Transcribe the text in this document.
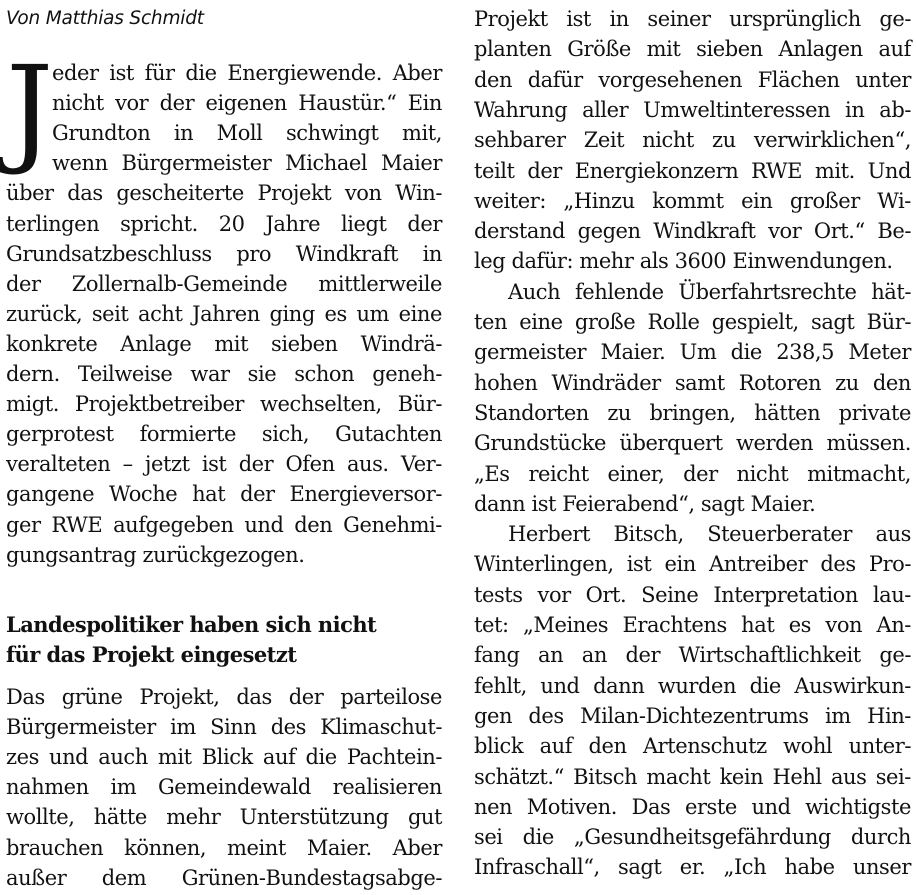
Von Matthias Schmidt
J
eder ist für die Energiewende. Aber
nicht vor der eigenen Haustür.“ Ein
Grundton in Moll schwingt mit,
wenn Bürgermeister Michael Maier
über das gescheiterte Projekt von Win-
terlingen spricht. 20 Jahre liegt der
Grundsatzbeschluss pro Windkraft in
der Zollernalb-Gemeinde mittlerweile
zurück, seit acht Jahren ging es um eine
konkrete Anlage mit sieben Windrä-
dern. Teilweise war sie schon geneh-
migt. Projektbetreiber wechselten, Bür-
gerprotest formierte sich, Gutachten
veralteten – jetzt ist der Ofen aus. Ver-
gangene Woche hat der Energieversor-
ger RWE aufgegeben und den Genehmi-
gungsantrag zurückgezogen.
Landespolitiker haben sich nicht
für das Projekt eingesetzt
Das grüne Projekt, das der parteilose
Bürgermeister im Sinn des Klimaschut-
zes und auch mit Blick auf die Pachtein-
nahmen im Gemeindewald realisieren
wollte, hätte mehr Unterstützung gut
brauchen können, meint Maier. Aber
außer dem Grünen-Bundestagsabge-
Projekt ist in seiner ursprünglich ge-
planten Größe mit sieben Anlagen auf
den dafür vorgesehenen Flächen unter
Wahrung aller Umweltinteressen in ab-
sehbarer Zeit nicht zu verwirklichen“,
teilt der Energiekonzern RWE mit. Und
weiter: „Hinzu kommt ein großer Wi-
derstand gegen Windkraft vor Ort.“ Be-
leg dafür: mehr als 3600 Einwendungen.
Auch fehlende Überfahrtsrechte hät-
ten eine große Rolle gespielt, sagt Bür-
germeister Maier. Um die 238,5 Meter
hohen Windräder samt Rotoren zu den
Standorten zu bringen, hätten private
Grundstücke überquert werden müssen.
„Es reicht einer, der nicht mitmacht,
dann ist Feierabend“, sagt Maier.
Herbert Bitsch, Steuerberater aus
Winterlingen, ist ein Antreiber des Pro-
tests vor Ort. Seine Interpretation lau-
tet: „Meines Erachtens hat es von An-
fang an an der Wirtschaftlichkeit ge-
fehlt, und dann wurden die Auswirkun-
gen des Milan-Dichtezentrums im Hin-
blick auf den Artenschutz wohl unter-
schätzt.“ Bitsch macht kein Hehl aus sei-
nen Motiven. Das erste und wichtigste
sei die „Gesundheitsgefährdung durch
Infraschall“, sagt er. „Ich habe unser
